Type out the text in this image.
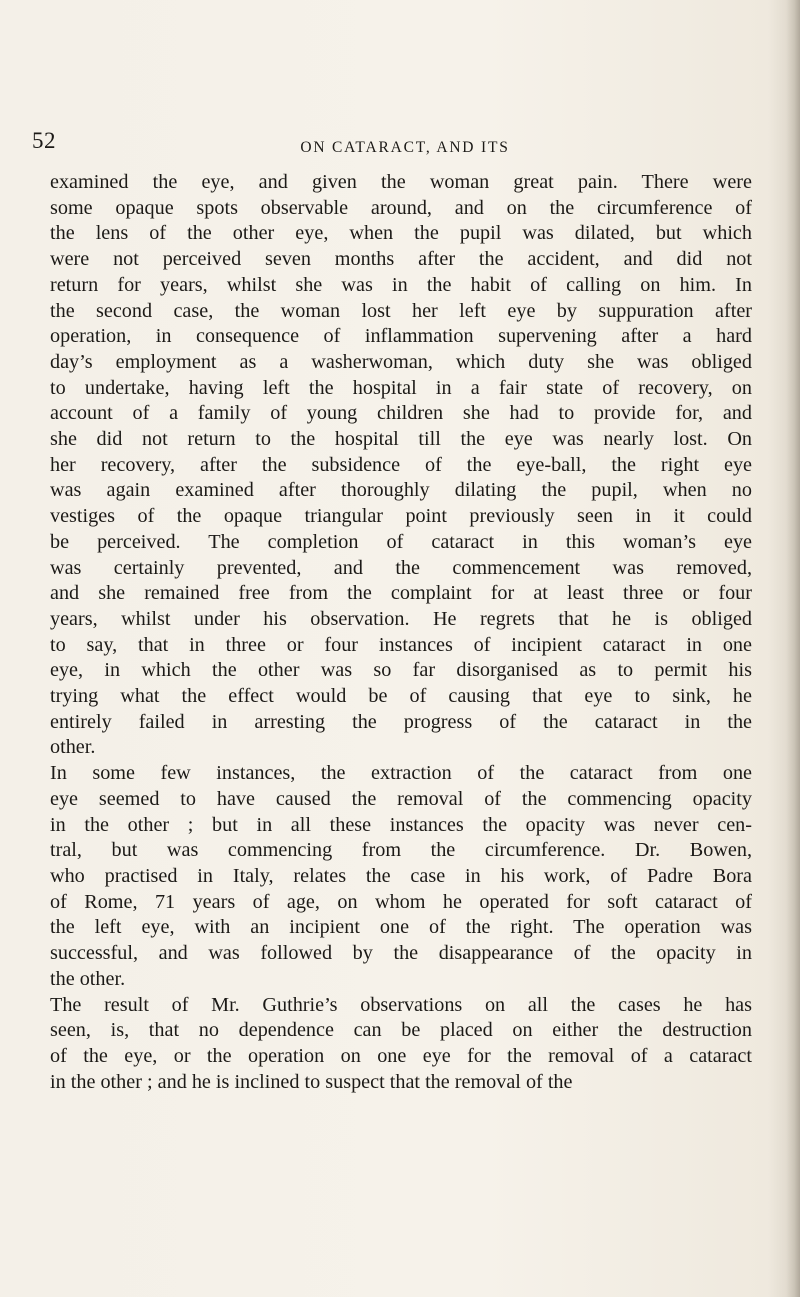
52	ON CATARACT, AND ITS

examined the eye, and given the woman great pain. There were
some opaque spots observable around, and on the circumference of
the lens of the other eye, when the pupil was dilated, but which
were not perceived seven months after the accident, and did not
return for years, whilst she was in the habit of calling on him. In
the second case, the woman lost her left eye by suppuration after
operation, in consequence of inflammation supervening after a hard
day’s employment as a washerwoman, which duty she was obliged
to undertake, having left the hospital in a fair state of recovery, on
account of a family of young children she had to provide for, and
she did not return to the hospital till the eye was nearly lost. On
her recovery, after the subsidence of the eye-ball, the right eye
was again examined after thoroughly dilating the pupil, when no
vestiges of the opaque triangular point previously seen in it could
be perceived. The completion of cataract in this woman’s eye
was certainly prevented, and the commencement was removed,
and she remained free from the complaint for at least three or four
years, whilst under his observation. He regrets that he is obliged
to say, that in three or four instances of incipient cataract in one
eye, in which the other was so far disorganised as to permit his
trying what the effect would be of causing that eye to sink, he
entirely failed in arresting the progress of the cataract in the
other.

In some few instances, the extraction of the cataract from one
eye seemed to have caused the removal of the commencing opacity
in the other ; but in all these instances the opacity was never cen-
tral, but was commencing from the circumference. Dr. Bowen,
who practised in Italy, relates the case in his work, of Padre Bora
of Rome, 71 years of age, on whom he operated for soft cataract of
the left eye, with an incipient one of the right. The operation was
successful, and was followed by the disappearance of the opacity in
the other.

The result of Mr. Guthrie’s observations on all the cases he has
seen, is, that no dependence can be placed on either the destruction
of the eye, or the operation on one eye for the removal of a cataract
in the other ; and he is inclined to suspect that the removal of the
